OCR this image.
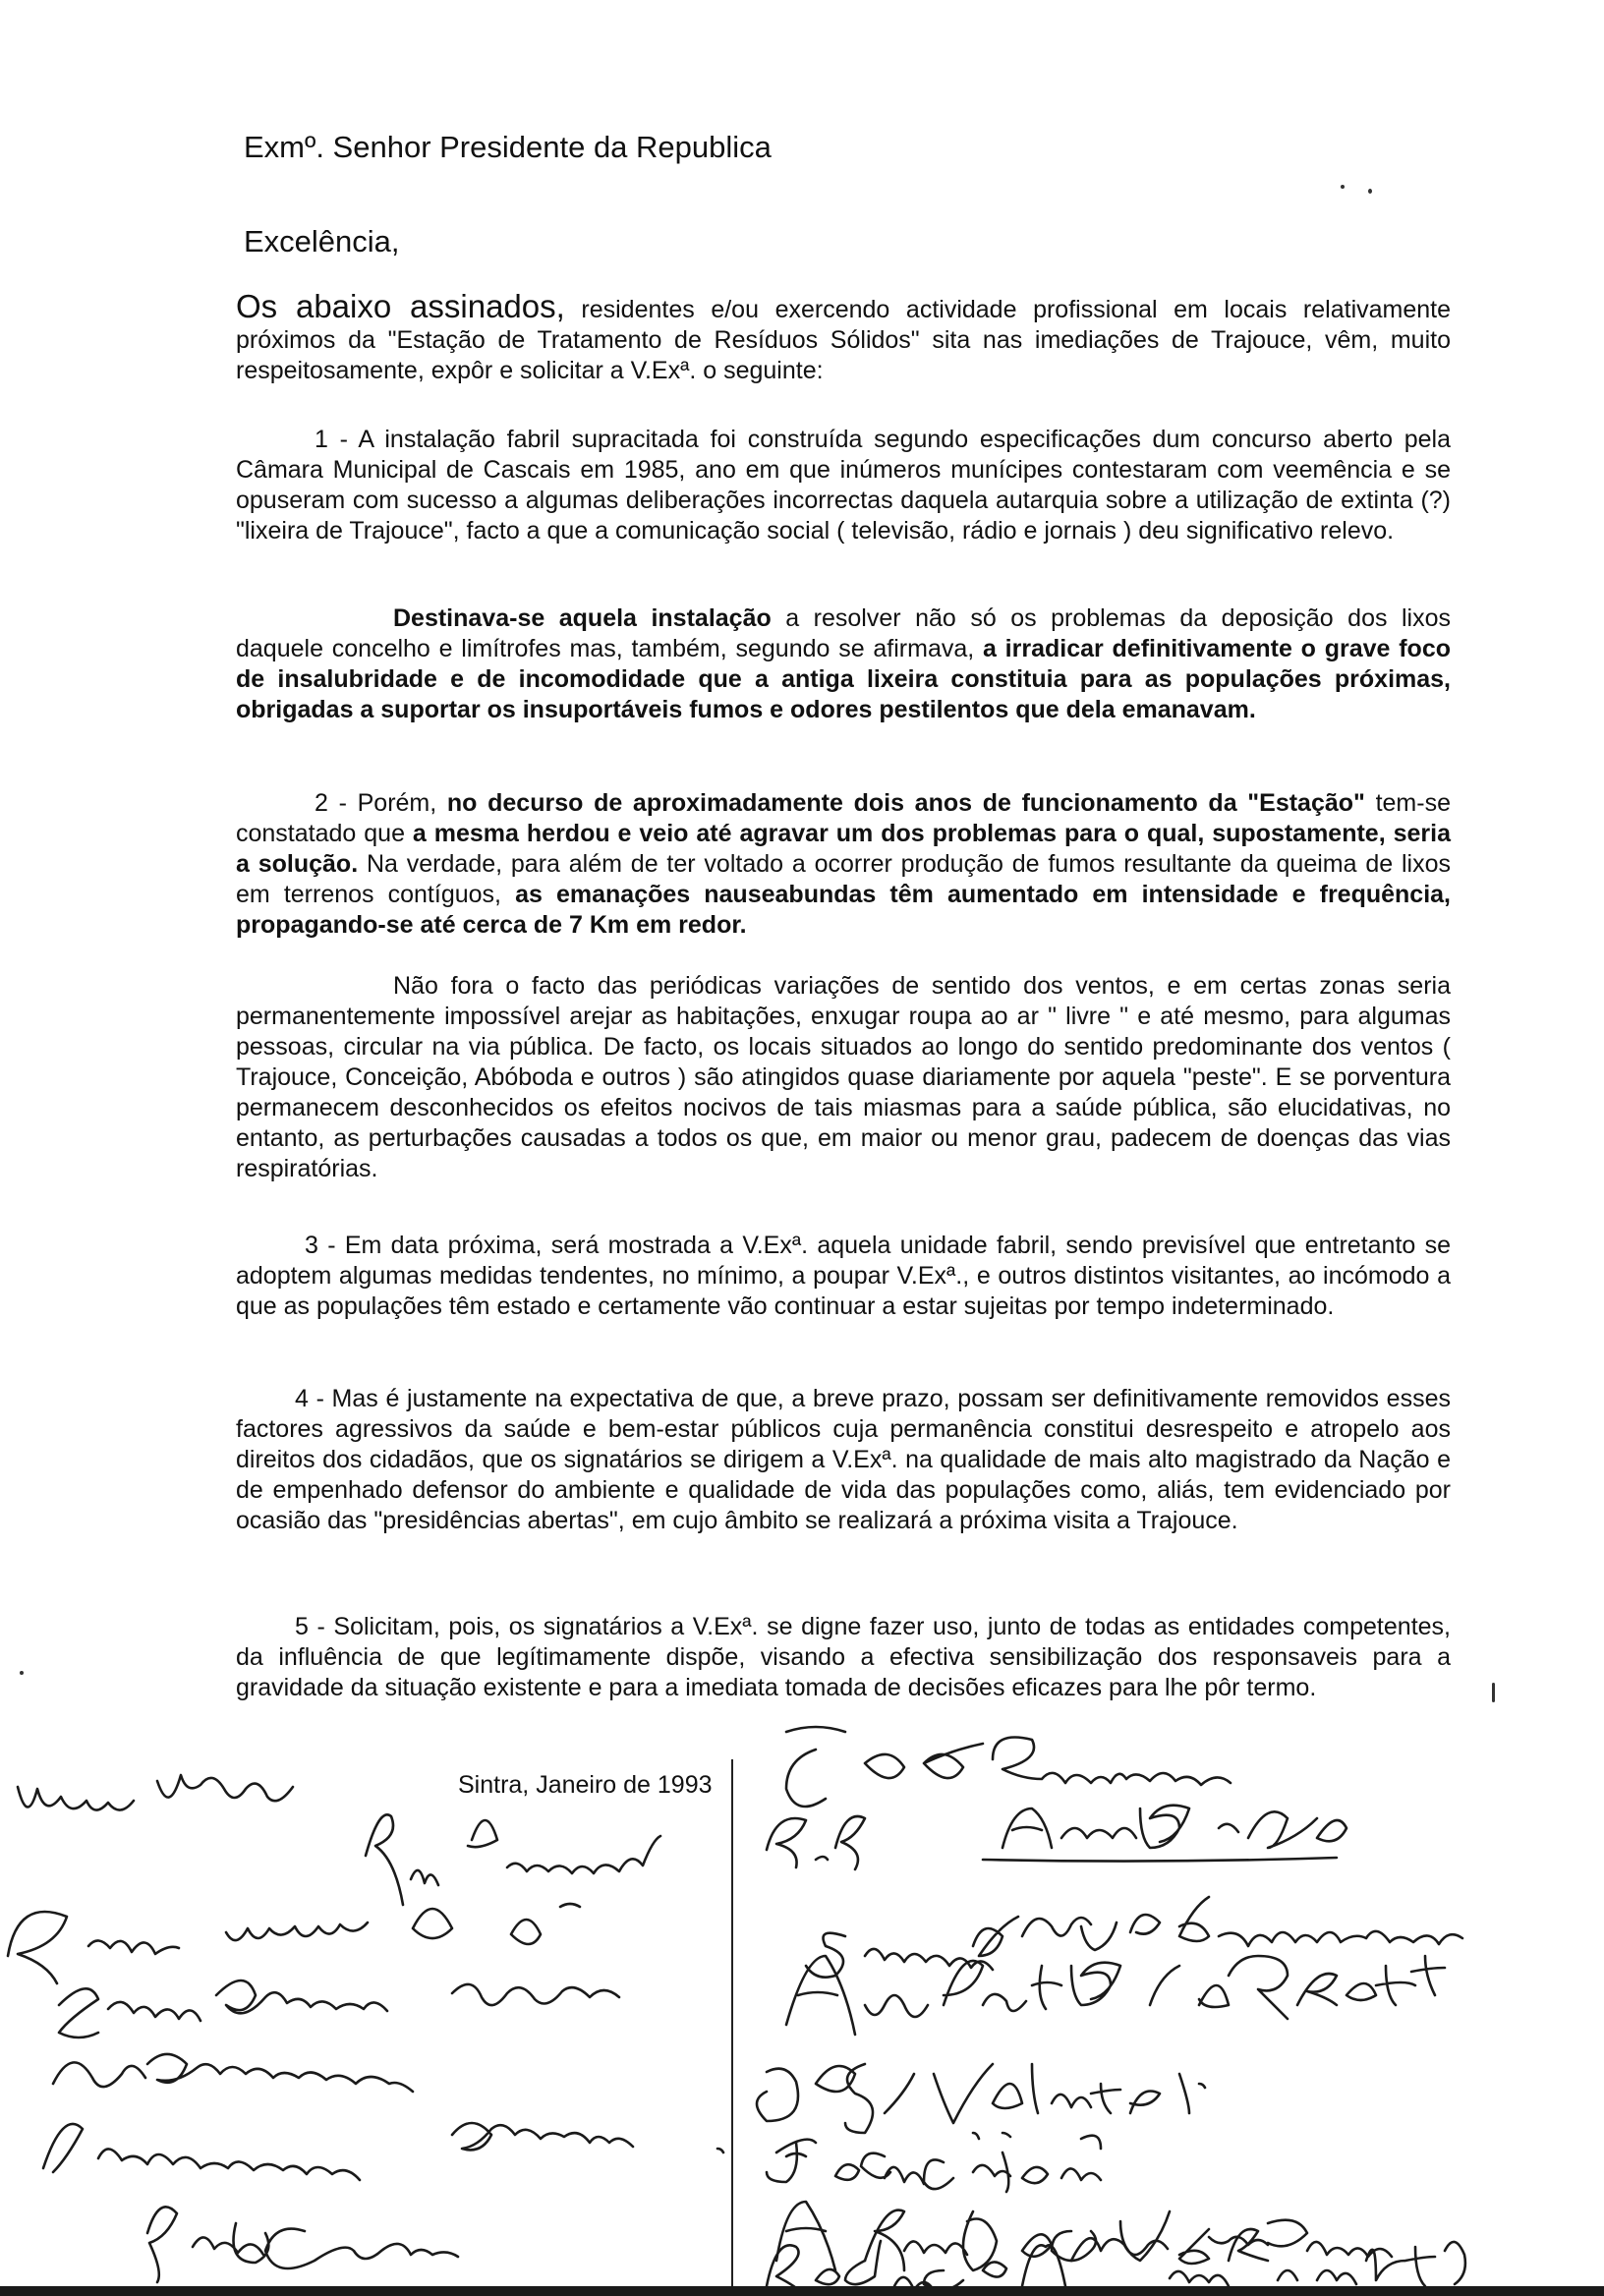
Exmº. Senhor Presidente da Republica
Excelência,

Os abaixo assinados, residentes e/ou exercendo actividade profissional em locais relativamente próximos da "Estação de Tratamento de Resíduos Sólidos" sita nas imediações de Trajouce, vêm, muito respeitosamente, expôr e solicitar a V.Exª. o seguinte:

1 - A instalação fabril supracitada foi construída segundo especificações dum concurso aberto pela Câmara Municipal de Cascais em 1985, ano em que inúmeros munícipes contestaram com veemência e se opuseram com sucesso a algumas deliberações incorrectas daquela autarquia sobre a utilização de extinta (?) "lixeira de Trajouce", facto a que a comunicação social ( televisão, rádio e jornais ) deu significativo relevo.

Destinava-se aquela instalação a resolver não só os problemas da deposição dos lixos daquele concelho e limítrofes mas, também, segundo se afirmava, a irradicar definitivamente o grave foco de insalubridade e de incomodidade que a antiga lixeira constituia para as populações próximas, obrigadas a suportar os insuportáveis fumos e odores pestilentos que dela emanavam.

2 - Porém, no decurso de aproximadamente dois anos de funcionamento da "Estação" tem-se constatado que a mesma herdou e veio até agravar um dos problemas para o qual, supostamente, seria a solução. Na verdade, para além de ter voltado a ocorrer produção de fumos resultante da queima de lixos em terrenos contíguos, as emanações nauseabundas têm aumentado em intensidade e frequência, propagando-se até cerca de 7 Km em redor.

Não fora o facto das periódicas variações de sentido dos ventos, e em certas zonas seria permanentemente impossível arejar as habitações, enxugar roupa ao ar " livre " e até mesmo, para algumas pessoas, circular na via pública. De facto, os locais situados ao longo do sentido predominante dos ventos ( Trajouce, Conceição, Abóboda e outros ) são atingidos quase diariamente por aquela "peste". E se porventura permanecem desconhecidos os efeitos nocivos de tais miasmas para a saúde pública, são elucidativas, no entanto, as perturbações causadas a todos os que, em maior ou menor grau, padecem de doenças das vias respiratórias.

3 - Em data próxima, será mostrada a V.Exª. aquela unidade fabril, sendo previsível que entretanto se adoptem algumas medidas tendentes, no mínimo, a poupar V.Exª., e outros distintos visitantes, ao incómodo a que as populações têm estado e certamente vão continuar a estar sujeitas por tempo indeterminado.

4 - Mas é justamente na expectativa de que, a breve prazo, possam ser definitivamente removidos esses factores agressivos da saúde e bem-estar públicos cuja permanência constitui desrespeito e atropelo aos direitos dos cidadãos, que os signatários se dirigem a V.Exª. na qualidade de mais alto magistrado da Nação e de empenhado defensor do ambiente e qualidade de vida das populações como, aliás, tem evidenciado por ocasião das "presidências abertas", em cujo âmbito se realizará a próxima visita a Trajouce.

5 - Solicitam, pois, os signatários a V.Exª. se digne fazer uso, junto de todas as entidades competentes, da influência de que legítimamente dispõe, visando a efectiva sensibilização dos responsaveis para a gravidade da situação existente e para a imediata tomada de decisões eficazes para lhe pôr termo.

Sintra, Janeiro de 1993
